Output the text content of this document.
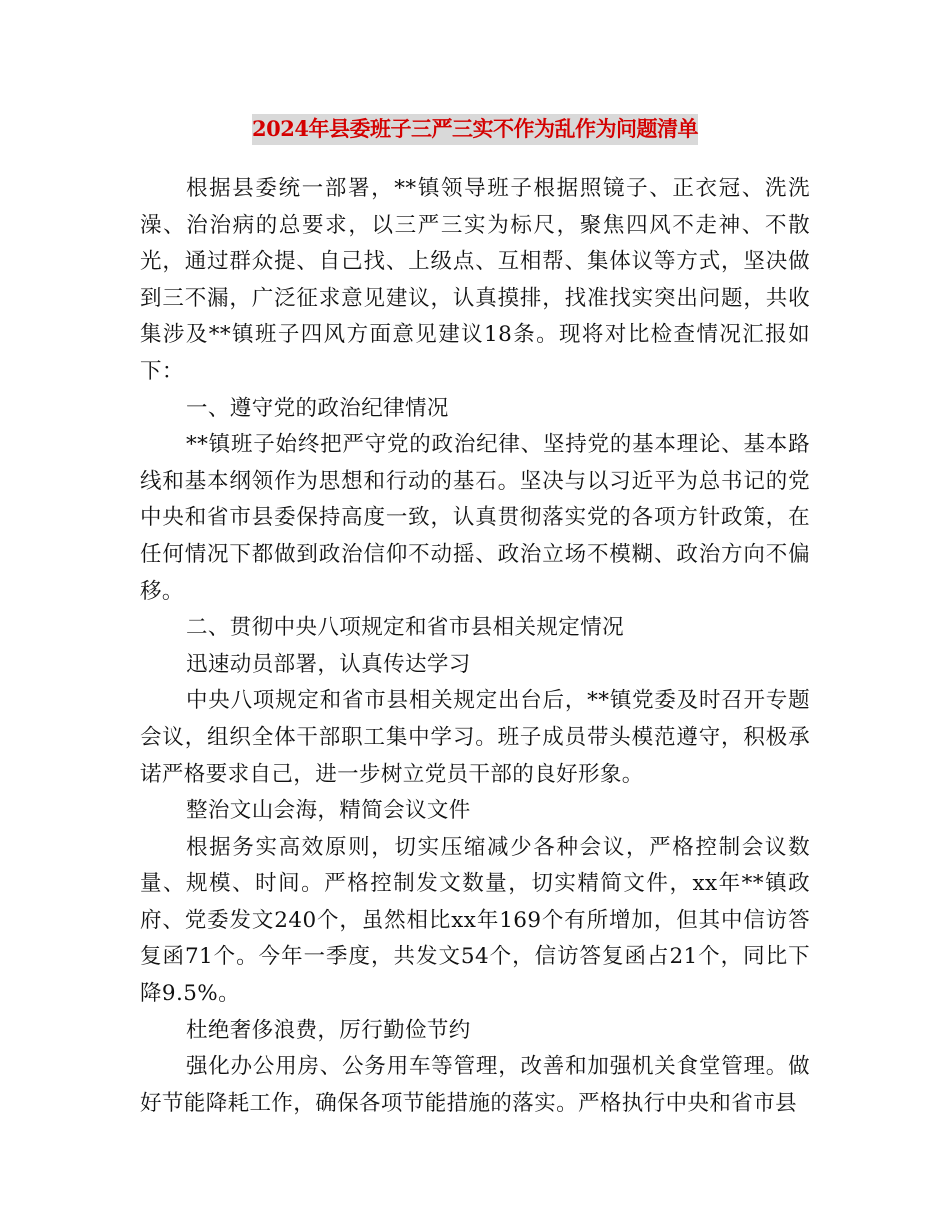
2024年县委班子三严三实不作为乱作为问题清单

根据县委统一部署，**镇领导班子根据照镜子、正衣冠、洗洗澡、治治病的总要求，以三严三实为标尺，聚焦四风不走神、不散光，通过群众提、自己找、上级点、互相帮、集体议等方式，坚决做到三不漏，广泛征求意见建议，认真摸排，找准找实突出问题，共收集涉及**镇班子四风方面意见建议18条。现将对比检查情况汇报如下：

一、遵守党的政治纪律情况

**镇班子始终把严守党的政治纪律、坚持党的基本理论、基本路线和基本纲领作为思想和行动的基石。坚决与以习近平为总书记的党中央和省市县委保持高度一致，认真贯彻落实党的各项方针政策，在任何情况下都做到政治信仰不动摇、政治立场不模糊、政治方向不偏移。

二、贯彻中央八项规定和省市县相关规定情况

迅速动员部署，认真传达学习

中央八项规定和省市县相关规定出台后，**镇党委及时召开专题会议，组织全体干部职工集中学习。班子成员带头模范遵守，积极承诺严格要求自己，进一步树立党员干部的良好形象。

整治文山会海，精简会议文件

根据务实高效原则，切实压缩减少各种会议，严格控制会议数量、规模、时间。严格控制发文数量，切实精简文件，xx年**镇政府、党委发文240个，虽然相比xx年169个有所增加，但其中信访答复函71个。今年一季度，共发文54个，信访答复函占21个，同比下降9.5%。

杜绝奢侈浪费，厉行勤俭节约

强化办公用房、公务用车等管理，改善和加强机关食堂管理。做好节能降耗工作，确保各项节能措施的落实。严格执行中央和省市县
